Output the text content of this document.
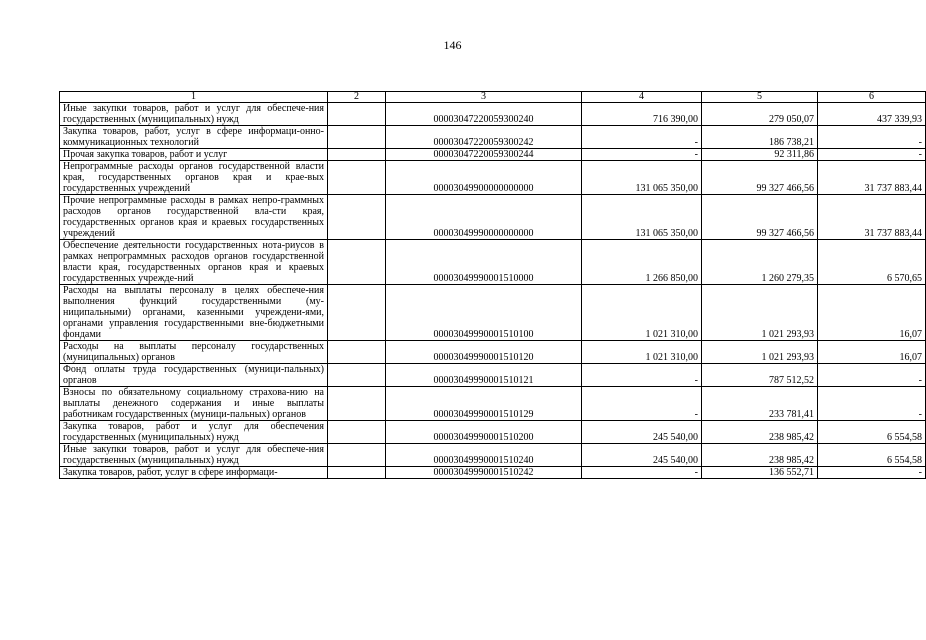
146
1	2	3	4	5	6
Иные закупки товаров, работ и услуг для обеспече-ния государственных (муниципальных) нужд		00003047220059300240	716 390,00	279 050,07	437 339,93
Закупка товаров, работ, услуг в сфере информаци-онно-коммуникационных технологий		00003047220059300242	-	186 738,21	-
Прочая закупка товаров, работ и услуг		00003047220059300244	-	92 311,86	-
Непрограммные расходы органов государственной власти края, государственных органов края и крае-вых государственных учреждений		00003049900000000000	131 065 350,00	99 327 466,56	31 737 883,44
Прочие непрограммные расходы в рамках непро-граммных расходов органов государственной вла-сти края, государственных органов края и краевых государственных учреждений		00003049990000000000	131 065 350,00	99 327 466,56	31 737 883,44
Обеспечение деятельности государственных нота-риусов в рамках непрограммных расходов органов государственной власти края, государственных органов края и краевых государственных учрежде-ний		00003049990001510000	1 266 850,00	1 260 279,35	6 570,65
Расходы на выплаты персоналу в целях обеспече-ния выполнения функций государственными (му-ниципальными) органами, казенными учреждени-ями, органами управления государственными вне-бюджетными фондами		00003049990001510100	1 021 310,00	1 021 293,93	16,07
Расходы на выплаты персоналу государственных (муниципальных) органов		00003049990001510120	1 021 310,00	1 021 293,93	16,07
Фонд оплаты труда государственных (муници-пальных) органов		00003049990001510121	-	787 512,52	-
Взносы по обязательному социальному страхова-нию на выплаты денежного содержания и иные выплаты работникам государственных (муници-пальных) органов		00003049990001510129	-	233 781,41	-
Закупка товаров, работ и услуг для обеспечения государственных (муниципальных) нужд		00003049990001510200	245 540,00	238 985,42	6 554,58
Иные закупки товаров, работ и услуг для обеспече-ния государственных (муниципальных) нужд		00003049990001510240	245 540,00	238 985,42	6 554,58
Закупка товаров, работ, услуг в сфере информаци-		00003049990001510242	-	136 552,71	-
